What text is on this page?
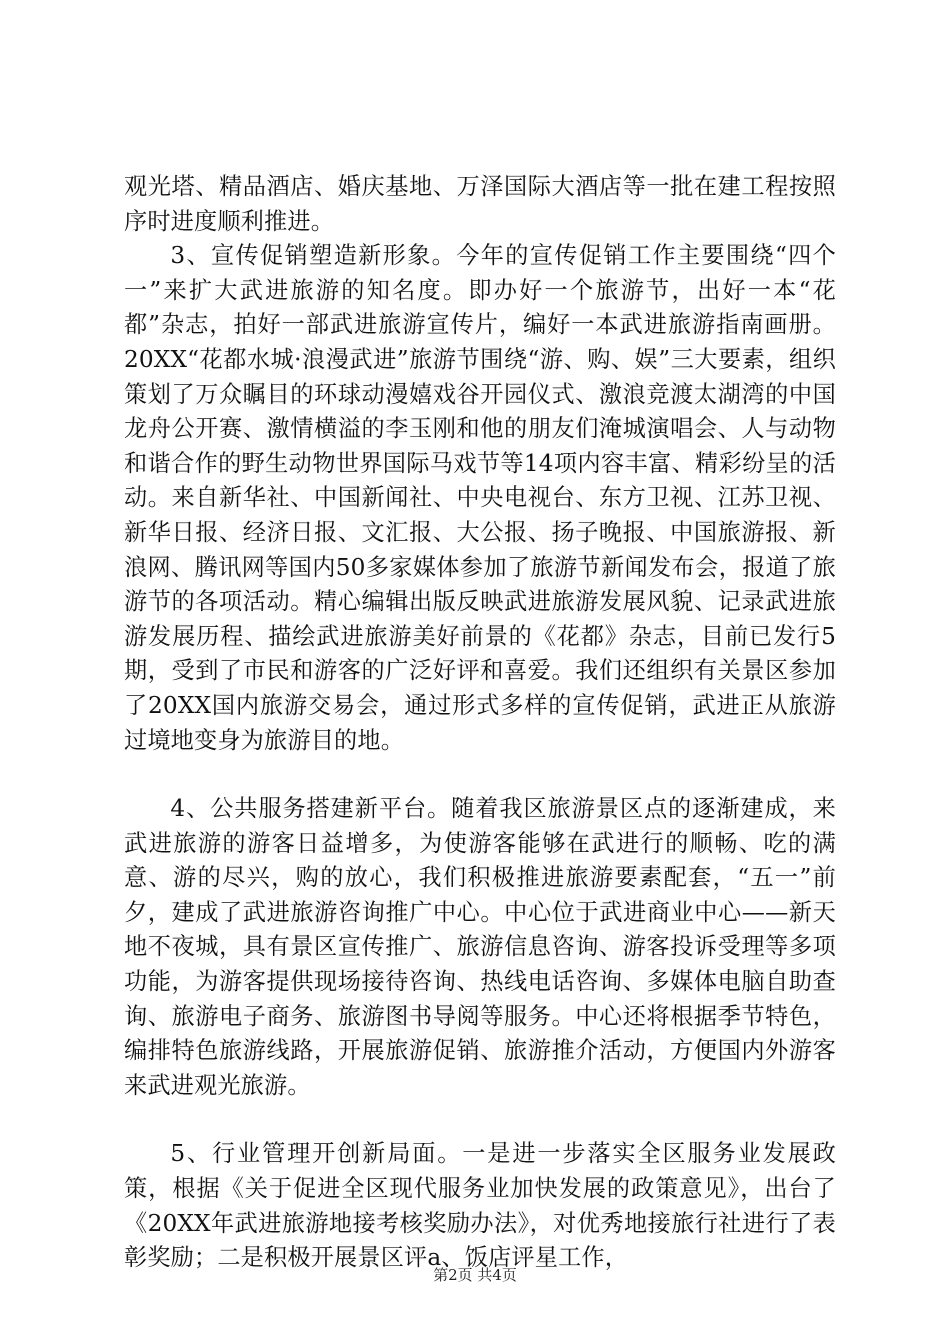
观光塔、精品酒店、婚庆基地、万泽国际大酒店等一批在建工程按照序时进度顺利推进。

3、宣传促销塑造新形象。今年的宣传促销工作主要围绕“四个一”来扩大武进旅游的知名度。即办好一个旅游节，出好一本“花都”杂志，拍好一部武进旅游宣传片，编好一本武进旅游指南画册。20XX“花都水城·浪漫武进”旅游节围绕“游、购、娱”三大要素，组织策划了万众瞩目的环球动漫嬉戏谷开园仪式、激浪竞渡太湖湾的中国龙舟公开赛、激情横溢的李玉刚和他的朋友们淹城演唱会、人与动物和谐合作的野生动物世界国际马戏节等14项内容丰富、精彩纷呈的活动。来自新华社、中国新闻社、中央电视台、东方卫视、江苏卫视、新华日报、经济日报、文汇报、大公报、扬子晚报、中国旅游报、新浪网、腾讯网等国内50多家媒体参加了旅游节新闻发布会，报道了旅游节的各项活动。精心编辑出版反映武进旅游发展风貌、记录武进旅游发展历程、描绘武进旅游美好前景的《花都》杂志，目前已发行5期，受到了市民和游客的广泛好评和喜爱。我们还组织有关景区参加了20XX国内旅游交易会，通过形式多样的宣传促销，武进正从旅游过境地变身为旅游目的地。

4、公共服务搭建新平台。随着我区旅游景区点的逐渐建成，来武进旅游的游客日益增多，为使游客能够在武进行的顺畅、吃的满意、游的尽兴，购的放心，我们积极推进旅游要素配套，“五一”前夕，建成了武进旅游咨询推广中心。中心位于武进商业中心——新天地不夜城，具有景区宣传推广、旅游信息咨询、游客投诉受理等多项功能，为游客提供现场接待咨询、热线电话咨询、多媒体电脑自助查询、旅游电子商务、旅游图书导阅等服务。中心还将根据季节特色，编排特色旅游线路，开展旅游促销、旅游推介活动，方便国内外游客来武进观光旅游。

5、行业管理开创新局面。一是进一步落实全区服务业发展政策，根据《关于促进全区现代服务业加快发展的政策意见》，出台了《20XX年武进旅游地接考核奖励办法》，对优秀地接旅行社进行了表彰奖励；二是积极开展景区评a、饭店评星工作，

第2页 共4页
